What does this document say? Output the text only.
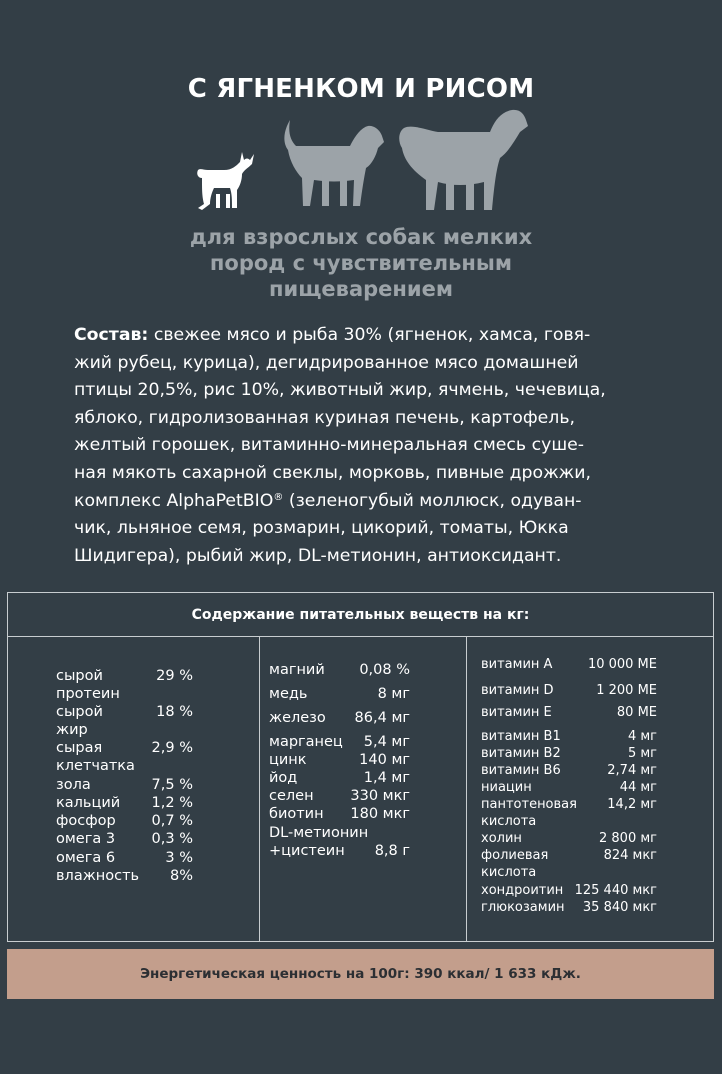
С ЯГНЕНКОМ И РИСОМ
для взрослых собак мелких
пород с чувствительным
пищеварением
Состав: свежее мясо и рыба 30% (ягненок, хамса, говя-
жий рубец, курица), дегидрированное мясо домашней
птицы 20,5%, рис 10%, животный жир, ячмень, чечевица,
яблоко, гидролизованная куриная печень, картофель,
желтый горошек, витаминно-минеральная смесь суше-
ная мякоть сахарной свеклы, морковь, пивные дрожжи,
комплекс AlphaPetBIO® (зеленогубый моллюск, одуван-
чик, льняное семя, розмарин, цикорий, томаты, Юкка
Шидигера), рыбий жир, DL-метионин, антиоксидант.
Содержание питательных веществ на кг:
сырой	29 %
протеин
сырой	18 %
жир
сырая	2,9 %
клетчатка
зола	7,5 %
кальций 1,2 %
фосфор 0,7 %
омега 3	0,3 %
омега 6	3 %
влажность 8%
магний 0,08 %
медь	8 мг
железо 86,4 мг
марганец 5,4 мг
цинк	140 мг
йод	1,4 мг
селен	330 мкг
биотин 180 мкг
DL-метионин
+цистеин 8,8 г
витамин А	10 000 МЕ
витамин D	1 200 МЕ
витамин Е	80 МЕ
витамин В1	4 мг
витамин В2	5 мг
витамин В6	2,74 мг
ниацин	44 мг
пантотеновая 14,2 мг
кислота
холин	2 800 мг
фолиевая	824 мкг
кислота
хондроитин 125 440 мкг
глюкозамин 35 840 мкг
Энергетическая ценность на 100г: 390 ккал/ 1 633 кДж.
